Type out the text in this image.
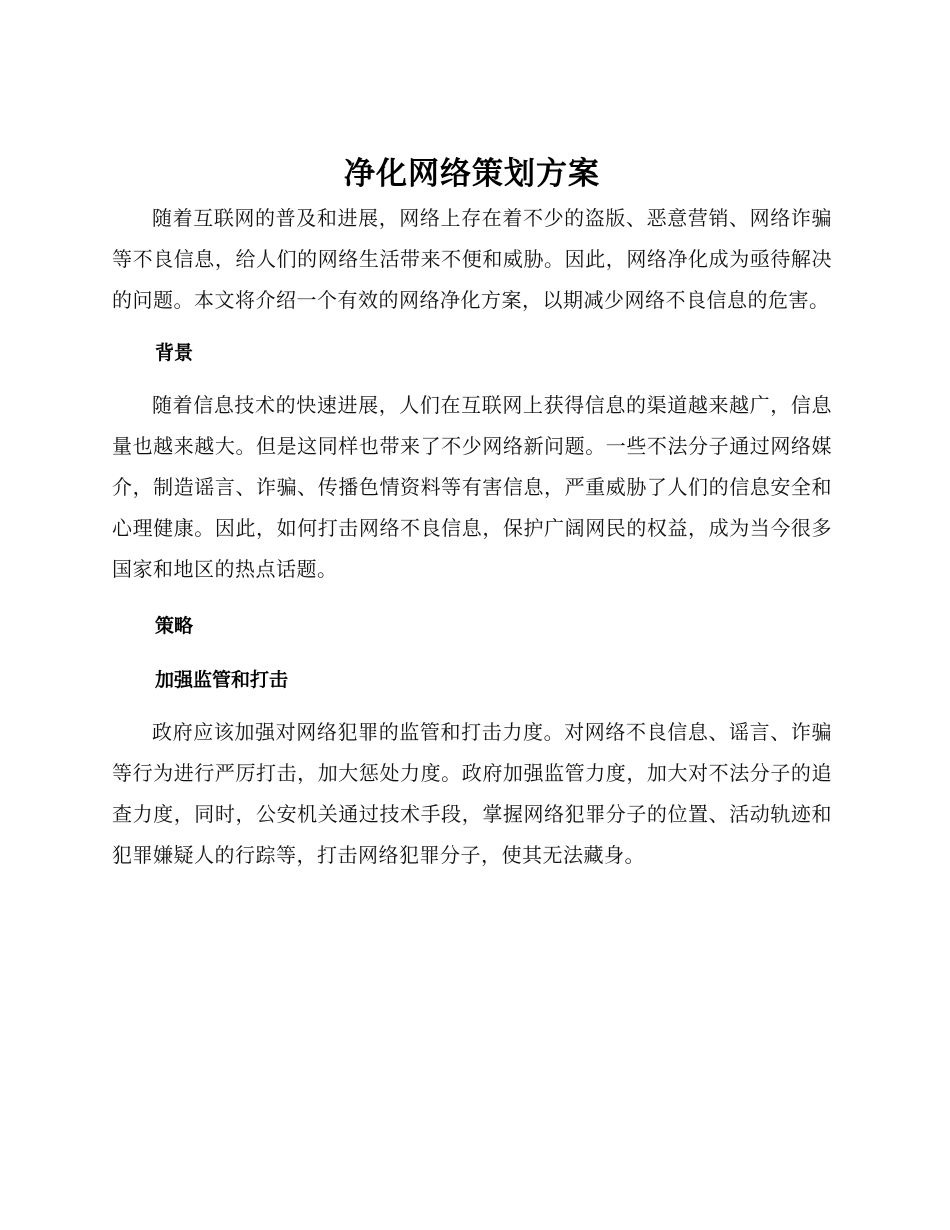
净化网络策划方案

随着互联网的普及和进展，网络上存在着不少的盗版、恶意营销、网络诈骗等不良信息，给人们的网络生活带来不便和威胁。因此，网络净化成为亟待解决的问题。本文将介绍一个有效的网络净化方案，以期减少网络不良信息的危害。

背景

随着信息技术的快速进展，人们在互联网上获得信息的渠道越来越广，信息量也越来越大。但是这同样也带来了不少网络新问题。一些不法分子通过网络媒介，制造谣言、诈骗、传播色情资料等有害信息，严重威胁了人们的信息安全和心理健康。因此，如何打击网络不良信息，保护广阔网民的权益，成为当今很多国家和地区的热点话题。

策略
加强监管和打击

政府应该加强对网络犯罪的监管和打击力度。对网络不良信息、谣言、诈骗等行为进行严厉打击，加大惩处力度。政府加强监管力度，加大对不法分子的追查力度，同时，公安机关通过技术手段，掌握网络犯罪分子的位置、活动轨迹和犯罪嫌疑人的行踪等，打击网络犯罪分子，使其无法藏身。
